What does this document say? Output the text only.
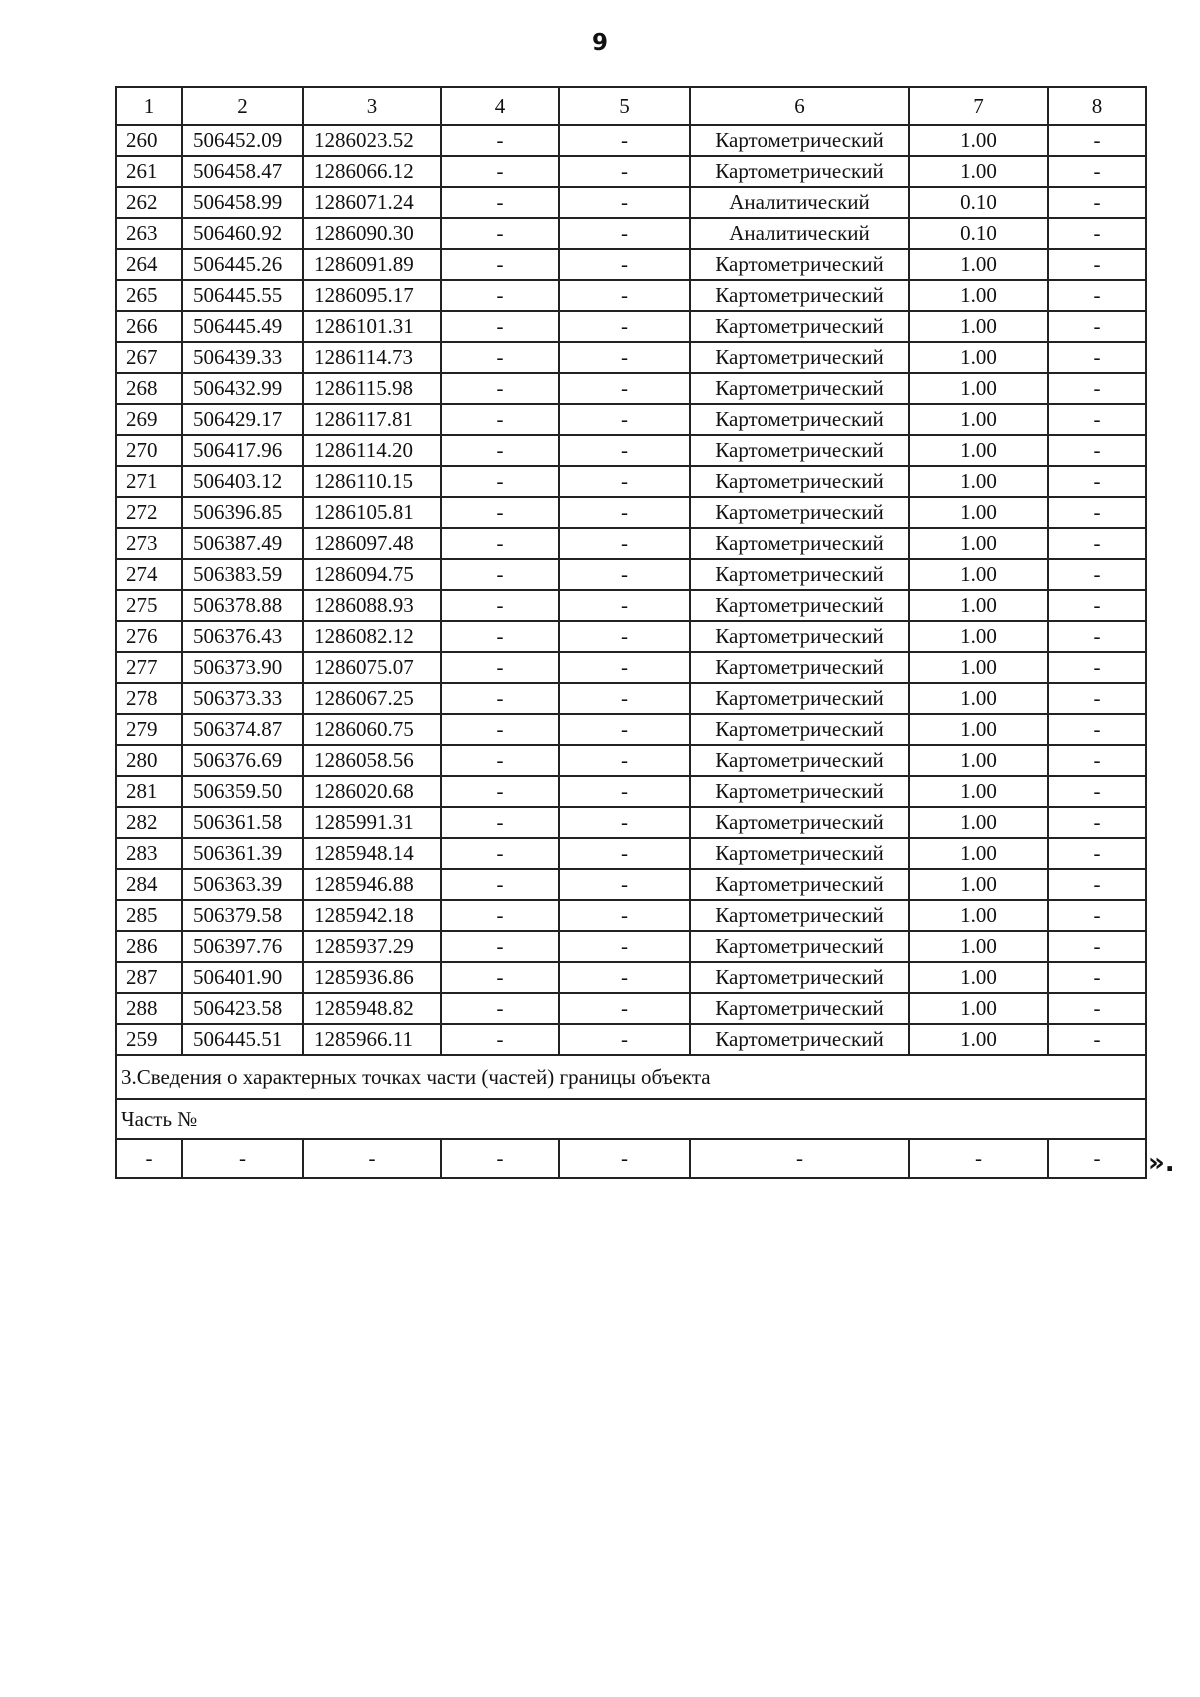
9
1	2	3	4	5	6	7	8
260	506452.09	1286023.52	-	-	Картометрический	1.00	-
261	506458.47	1286066.12	-	-	Картометрический	1.00	-
262	506458.99	1286071.24	-	-	Аналитический	0.10	-
263	506460.92	1286090.30	-	-	Аналитический	0.10	-
264	506445.26	1286091.89	-	-	Картометрический	1.00	-
265	506445.55	1286095.17	-	-	Картометрический	1.00	-
266	506445.49	1286101.31	-	-	Картометрический	1.00	-
267	506439.33	1286114.73	-	-	Картометрический	1.00	-
268	506432.99	1286115.98	-	-	Картометрический	1.00	-
269	506429.17	1286117.81	-	-	Картометрический	1.00	-
270	506417.96	1286114.20	-	-	Картометрический	1.00	-
271	506403.12	1286110.15	-	-	Картометрический	1.00	-
272	506396.85	1286105.81	-	-	Картометрический	1.00	-
273	506387.49	1286097.48	-	-	Картометрический	1.00	-
274	506383.59	1286094.75	-	-	Картометрический	1.00	-
275	506378.88	1286088.93	-	-	Картометрический	1.00	-
276	506376.43	1286082.12	-	-	Картометрический	1.00	-
277	506373.90	1286075.07	-	-	Картометрический	1.00	-
278	506373.33	1286067.25	-	-	Картометрический	1.00	-
279	506374.87	1286060.75	-	-	Картометрический	1.00	-
280	506376.69	1286058.56	-	-	Картометрический	1.00	-
281	506359.50	1286020.68	-	-	Картометрический	1.00	-
282	506361.58	1285991.31	-	-	Картометрический	1.00	-
283	506361.39	1285948.14	-	-	Картометрический	1.00	-
284	506363.39	1285946.88	-	-	Картометрический	1.00	-
285	506379.58	1285942.18	-	-	Картометрический	1.00	-
286	506397.76	1285937.29	-	-	Картометрический	1.00	-
287	506401.90	1285936.86	-	-	Картометрический	1.00	-
288	506423.58	1285948.82	-	-	Картометрический	1.00	-
259	506445.51	1285966.11	-	-	Картометрический	1.00	-
3.Сведения о характерных точках части (частей) границы объекта							
Часть №							
-	-	-	-	-	-	-	- ».
